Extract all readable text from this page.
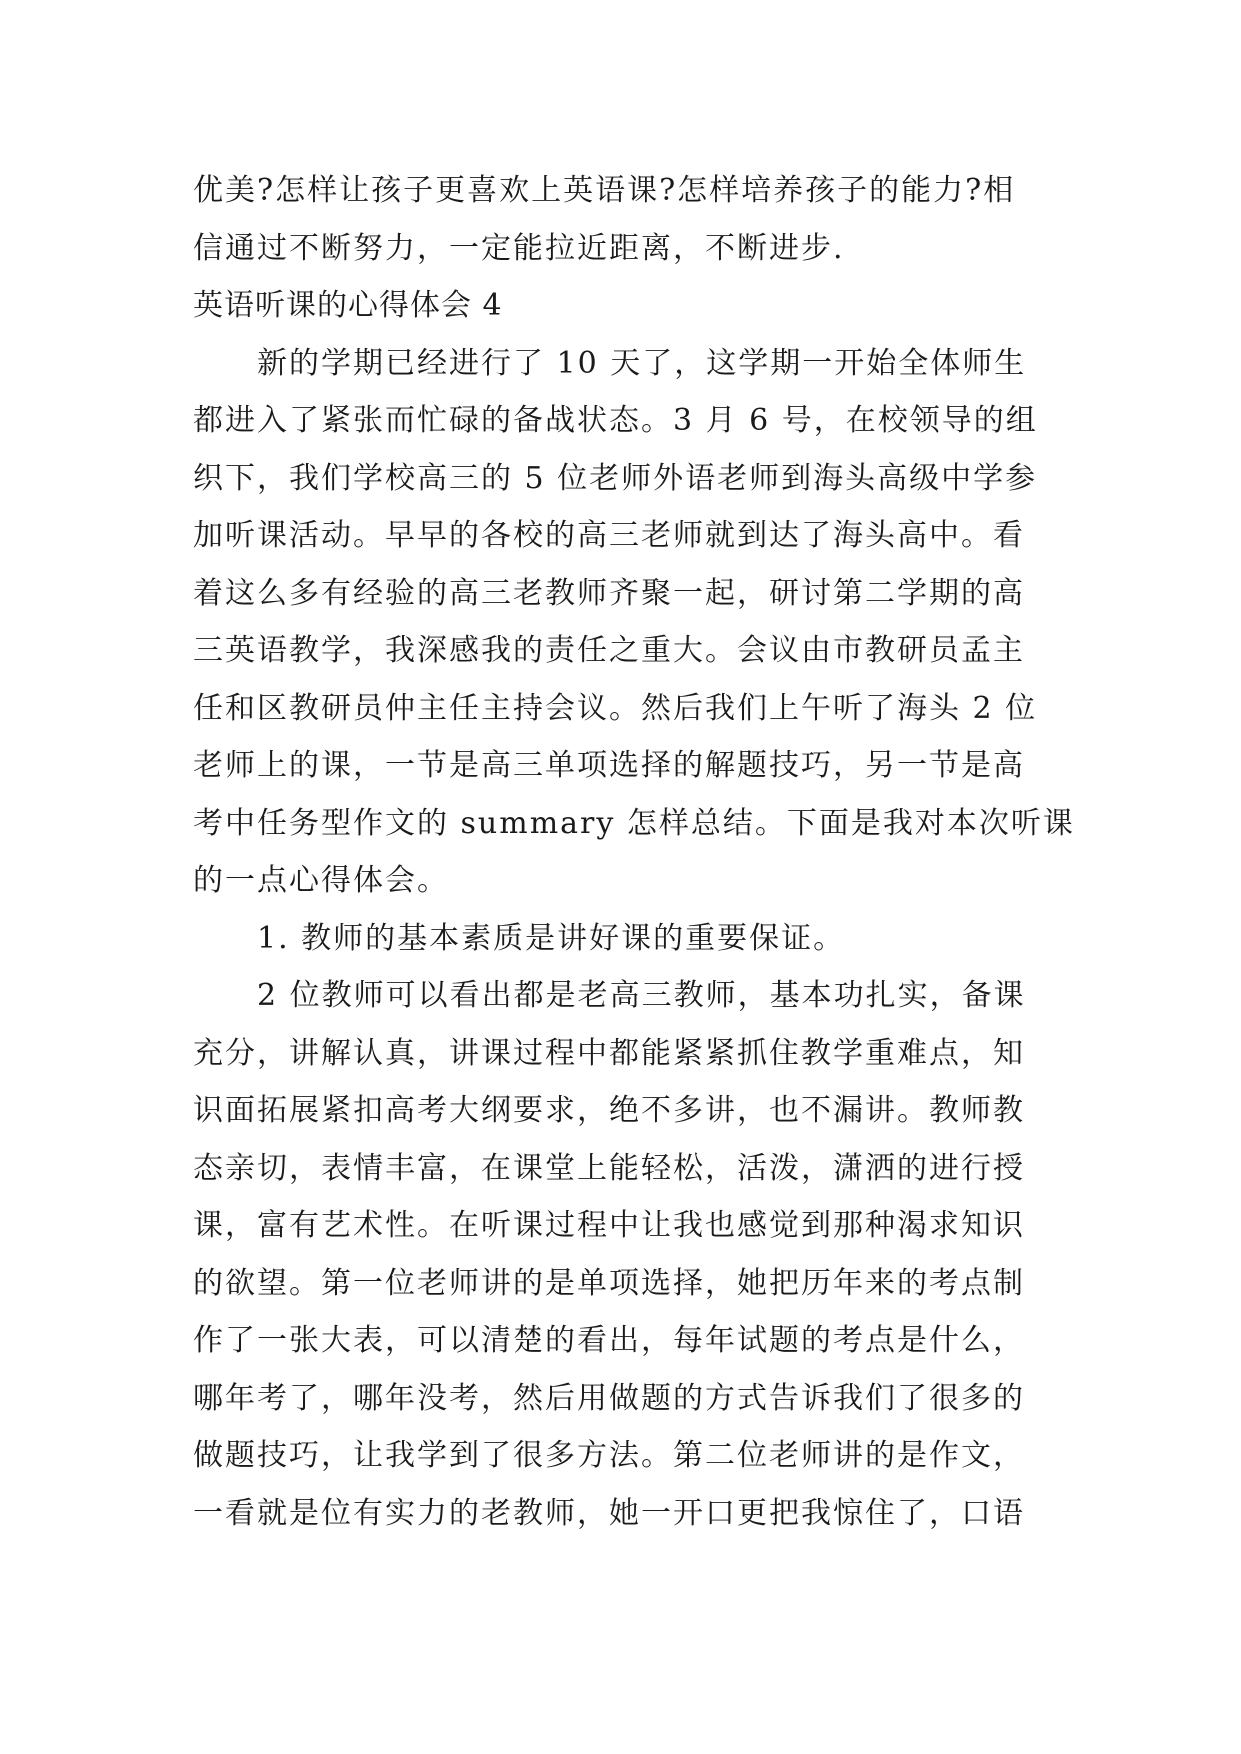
优美?怎样让孩子更喜欢上英语课?怎样培养孩子的能力?相
信通过不断努力，一定能拉近距离，不断进步.
英语听课的心得体会 4
新的学期已经进行了 10 天了，这学期一开始全体师生
都进入了紧张而忙碌的备战状态。3 月 6 号，在校领导的组
织下，我们学校高三的 5 位老师外语老师到海头高级中学参
加听课活动。早早的各校的高三老师就到达了海头高中。看
着这么多有经验的高三老教师齐聚一起，研讨第二学期的高
三英语教学，我深感我的责任之重大。会议由市教研员孟主
任和区教研员仲主任主持会议。然后我们上午听了海头 2 位
老师上的课，一节是高三单项选择的解题技巧，另一节是高
考中任务型作文的 summary 怎样总结。下面是我对本次听课
的一点心得体会。
1. 教师的基本素质是讲好课的重要保证。
2 位教师可以看出都是老高三教师，基本功扎实，备课
充分，讲解认真，讲课过程中都能紧紧抓住教学重难点，知
识面拓展紧扣高考大纲要求，绝不多讲，也不漏讲。教师教
态亲切，表情丰富，在课堂上能轻松，活泼，潇洒的进行授
课，富有艺术性。在听课过程中让我也感觉到那种渴求知识
的欲望。第一位老师讲的是单项选择，她把历年来的考点制
作了一张大表，可以清楚的看出，每年试题的考点是什么，
哪年考了，哪年没考，然后用做题的方式告诉我们了很多的
做题技巧，让我学到了很多方法。第二位老师讲的是作文，
一看就是位有实力的老教师，她一开口更把我惊住了，口语
